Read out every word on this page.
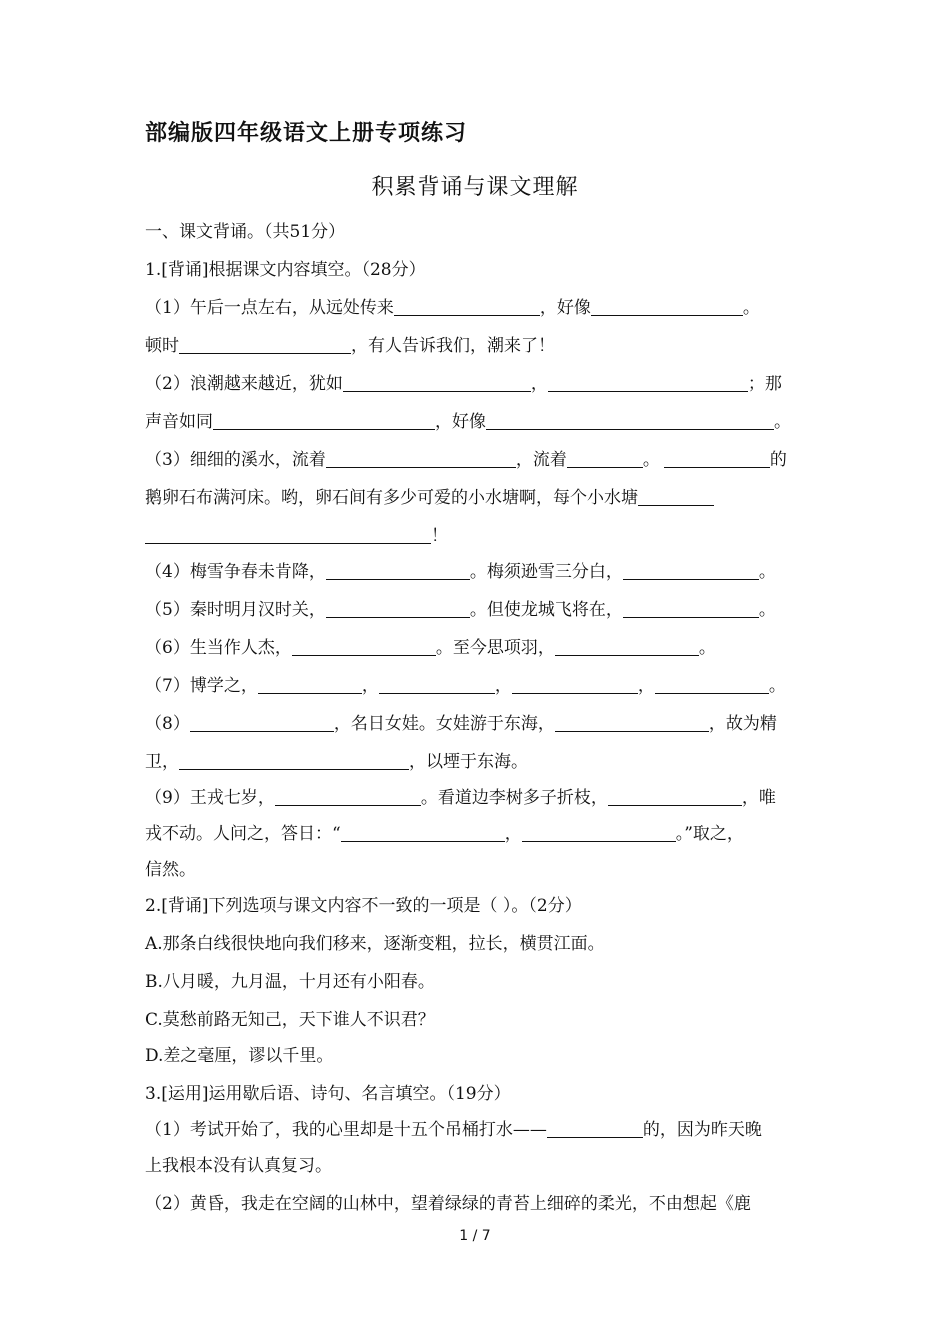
部编版四年级语文上册专项练习
积累背诵与课文理解
一、课文背诵。（共51分）
1.[背诵]根据课文内容填空。（28分）
（1）午后一点左右，从远处传来	，好像	。
顿时	，有人告诉我们，潮来了！
（2）浪潮越来越近，犹如	，	；那
声音如同	，好像	。
（3）细细的溪水，流着	，流着	。	的
鹅卵石布满河床。哟，卵石间有多少可爱的小水塘啊，每个小水塘
！
（4）梅雪争春未肯降，	。梅须逊雪三分白，	。
（5）秦时明月汉时关，	。但使龙城飞将在，	。
（6）生当作人杰，	。至今思项羽，	。
（7）博学之，	，	，	，	。
（8）	，名日女娃。女娃游于东海，	，故为精
卫，	，以堙于东海。
（9）王戎七岁，	。看道边李树多子折枝，	，唯
戎不动。人问之，答日：“	，	。”取之，
信然。
2.[背诵]下列选项与课文内容不一致的一项是（ ）。（2分）
A.那条白线很快地向我们移来，逐渐变粗，拉长，横贯江面。
B.八月暖，九月温，十月还有小阳春。
C.莫愁前路无知己，天下谁人不识君？
D.差之毫厘，谬以千里。
3.[运用]运用歇后语、诗句、名言填空。（19分）
（1）考试开始了，我的心里却是十五个吊桶打水——	的，因为昨天晚
上我根本没有认真复习。
（2）黄昏，我走在空阔的山林中，望着绿绿的青苔上细碎的柔光，不由想起《鹿
1 / 7
